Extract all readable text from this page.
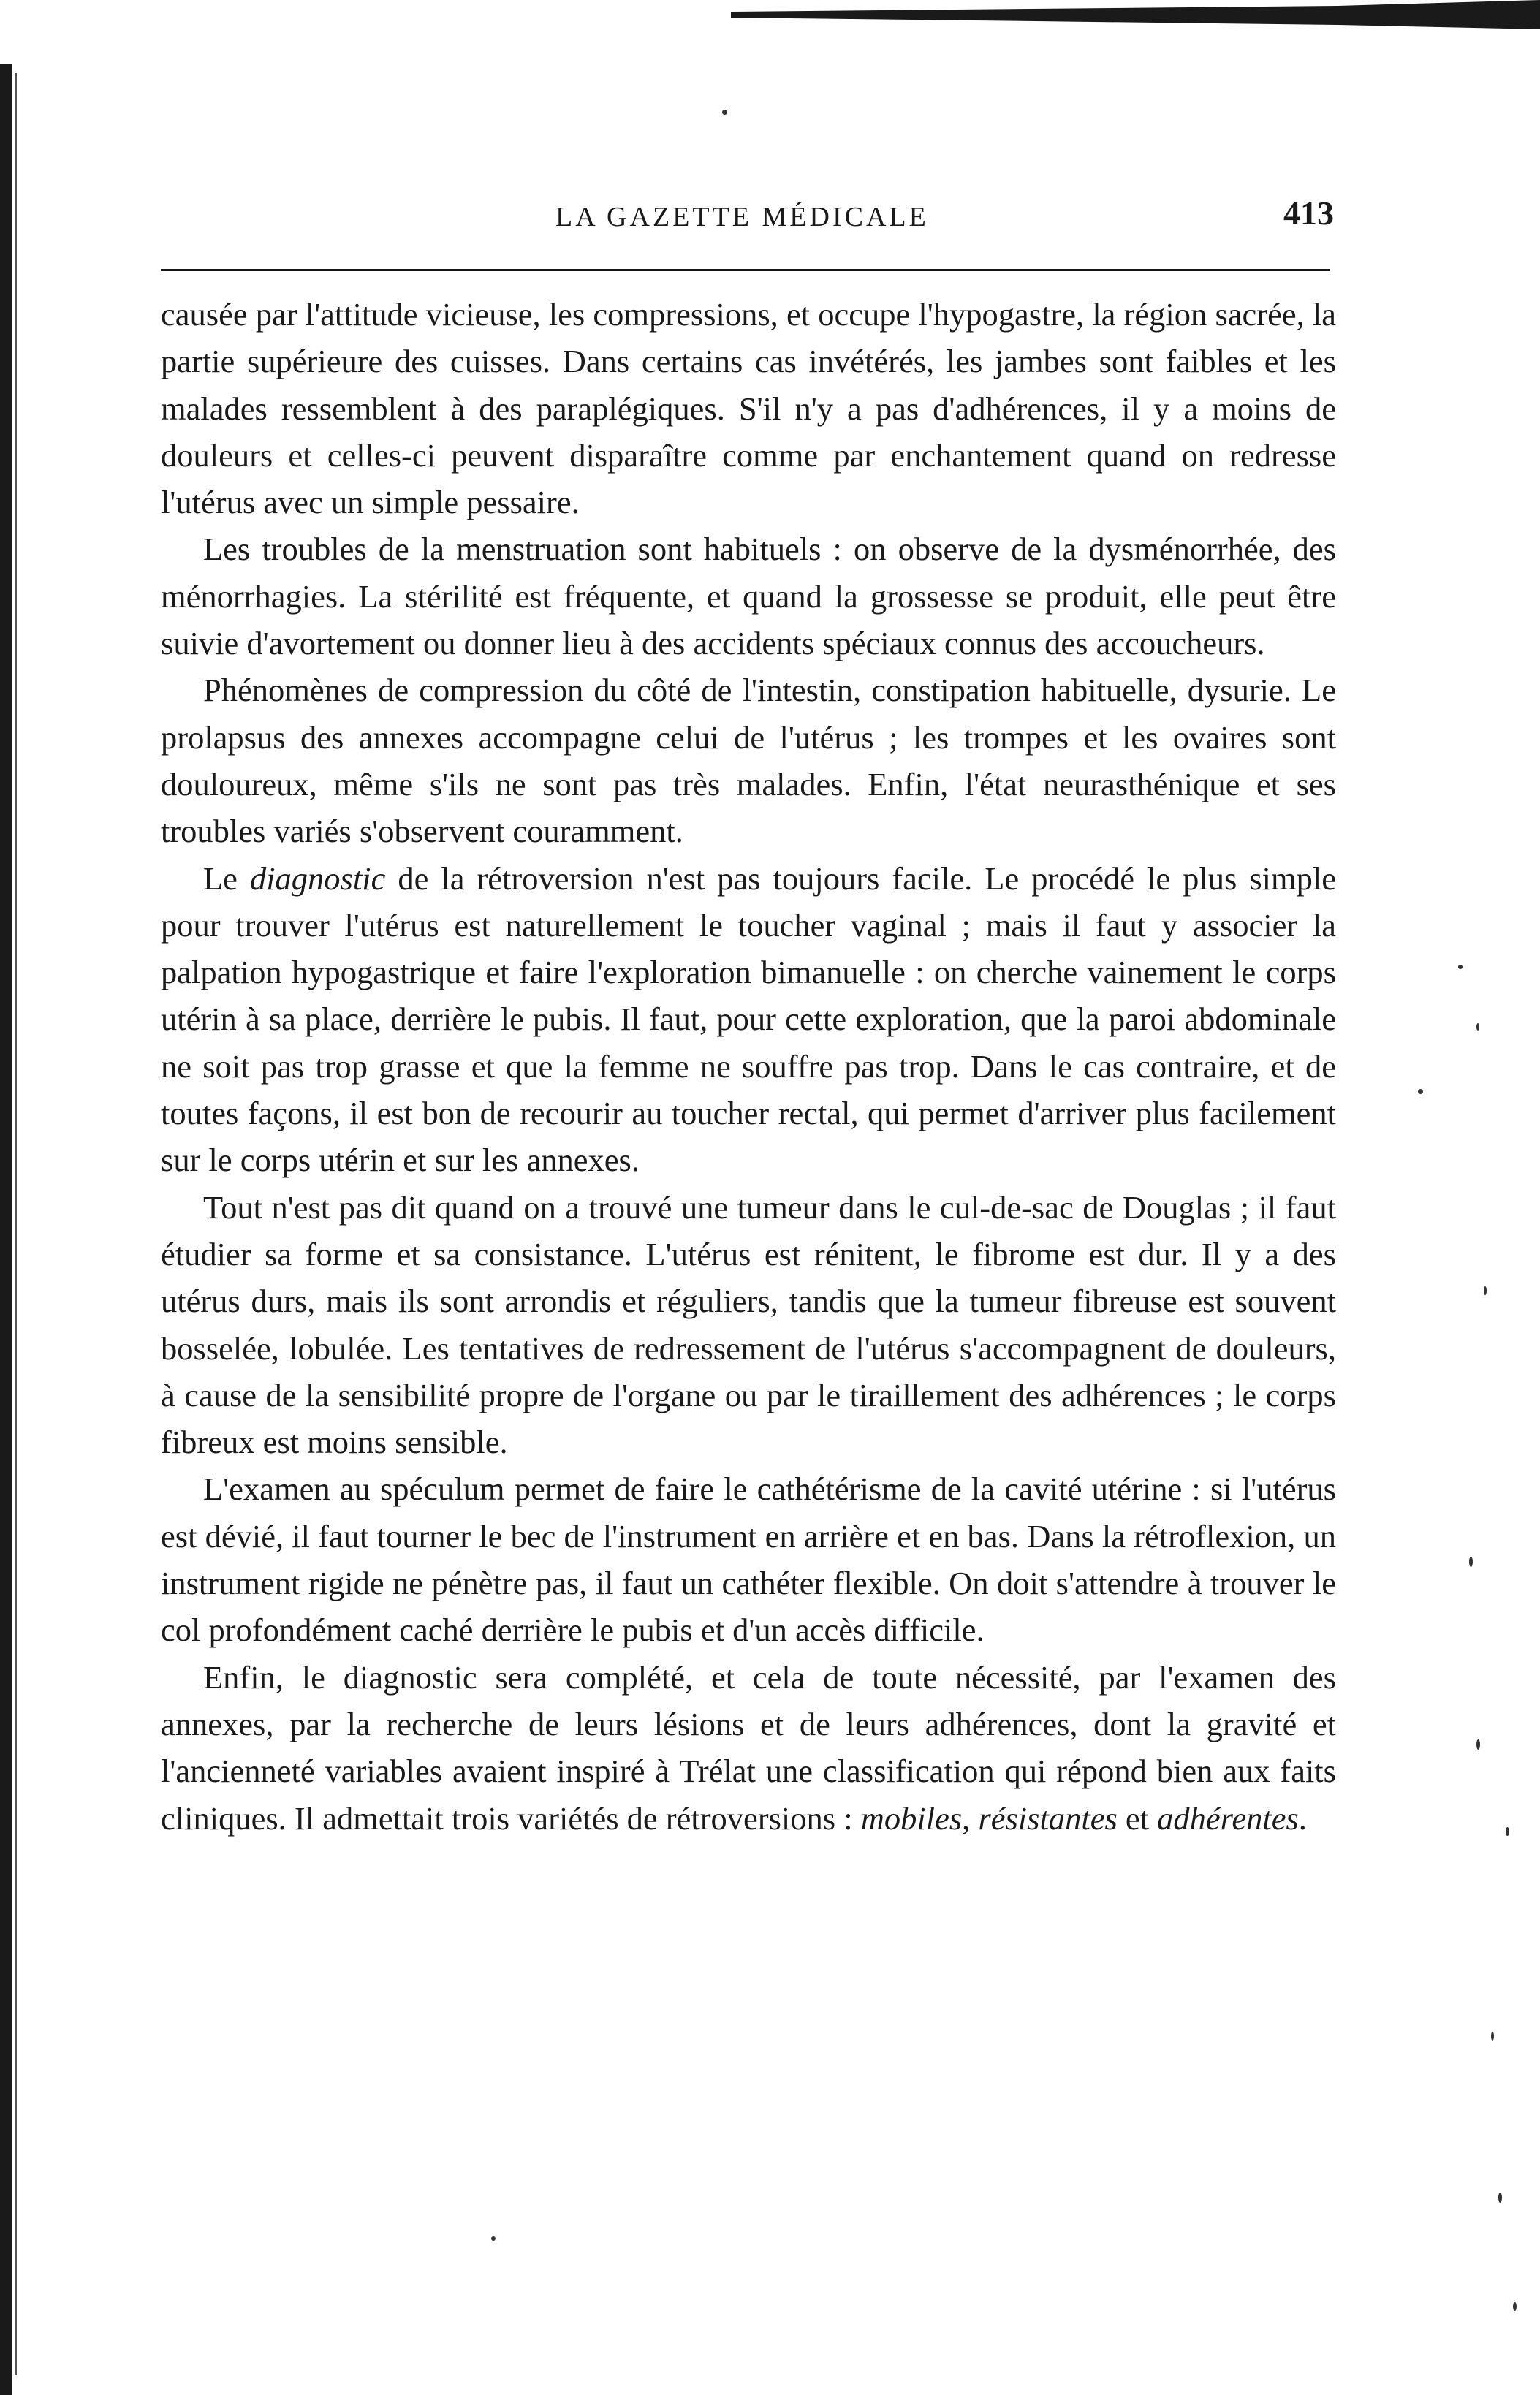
LA GAZETTE MÉDICALE	413

causée par l'attitude vicieuse, les compressions, et occupe l'hypogastre, la région sacrée, la partie supérieure des cuisses. Dans certains cas invétérés, les jambes sont faibles et les malades ressemblent à des paraplégiques. S'il n'y a pas d'adhérences, il y a moins de douleurs et celles-ci peuvent disparaître comme par enchantement quand on redresse l'utérus avec un simple pessaire.

Les troubles de la menstruation sont habituels : on observe de la dysménorrhée, des ménorrhagies. La stérilité est fréquente, et quand la grossesse se produit, elle peut être suivie d'avortement ou donner lieu à des accidents spéciaux connus des accoucheurs.

Phénomènes de compression du côté de l'intestin, constipation habituelle, dysurie. Le prolapsus des annexes accompagne celui de l'utérus ; les trompes et les ovaires sont douloureux, même s'ils ne sont pas très malades. Enfin, l'état neurasthénique et ses troubles variés s'observent couramment.

Le diagnostic de la rétroversion n'est pas toujours facile. Le procédé le plus simple pour trouver l'utérus est naturellement le toucher vaginal ; mais il faut y associer la palpation hypogastrique et faire l'exploration bimanuelle : on cherche vainement le corps utérin à sa place, derrière le pubis. Il faut, pour cette exploration, que la paroi abdominale ne soit pas trop grasse et que la femme ne souffre pas trop. Dans le cas contraire, et de toutes façons, il est bon de recourir au toucher rectal, qui permet d'arriver plus facilement sur le corps utérin et sur les annexes.

Tout n'est pas dit quand on a trouvé une tumeur dans le cul-de-sac de Douglas ; il faut étudier sa forme et sa consistance. L'utérus est rénitent, le fibrome est dur. Il y a des utérus durs, mais ils sont arrondis et réguliers, tandis que la tumeur fibreuse est souvent bosselée, lobulée. Les tentatives de redressement de l'utérus s'accompagnent de douleurs, à cause de la sensibilité propre de l'organe ou par le tiraillement des adhérences ; le corps fibreux est moins sensible.

L'examen au spéculum permet de faire le cathétérisme de la cavité utérine : si l'utérus est dévié, il faut tourner le bec de l'instrument en arrière et en bas. Dans la rétroflexion, un instrument rigide ne pénètre pas, il faut un cathéter flexible. On doit s'attendre à trouver le col profondément caché derrière le pubis et d'un accès difficile.

Enfin, le diagnostic sera complété, et cela de toute nécessité, par l'examen des annexes, par la recherche de leurs lésions et de leurs adhérences, dont la gravité et l'ancienneté variables avaient inspiré à Trélat une classification qui répond bien aux faits cliniques. Il admettait trois variétés de rétroversions : mobiles, résistantes et adhérentes.
